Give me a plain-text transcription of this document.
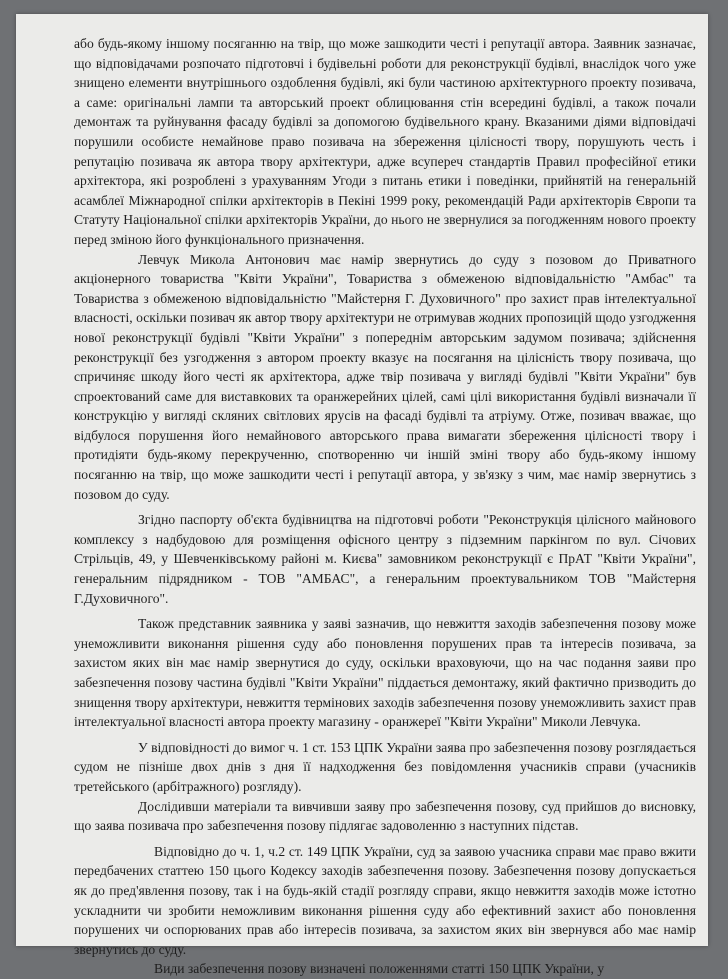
або будь-якому іншому посяганню на твір, що може зашкодити честі і репутації автора. Заявник зазначає, що відповідачами розпочато підготовчі і будівельні роботи для реконструкції будівлі, внаслідок чого уже знищено елементи внутрішнього оздоблення будівлі, які були частиною архітектурного проекту позивача, а саме: оригінальні лампи та авторський проект облицювання стін всередині будівлі, а також почали демонтаж та руйнування фасаду будівлі за допомогою будівельного крану. Вказаними діями відповідачі порушили особисте немайнове право позивача на збереження цілісності твору, порушують честь і репутацію позивача як автора твору архітектури, адже всупереч стандартів Правил професійної етики архітектора, які розроблені з урахуванням Угоди з питань етики і поведінки, прийнятій на генеральній асамблеї Міжнародної спілки архітекторів в Пекіні 1999 року, рекомендацій Ради архітекторів Європи та Статуту Національної спілки архітекторів України, до нього не звернулися за погодженням нового проекту перед зміною його функціонального призначення.

Левчук Микола Антонович має намір звернутись до суду з позовом до Приватного акціонерного товариства "Квіти України", Товариства з обмеженою відповідальністю "Амбас" та Товариства з обмеженою відповідальністю "Майстерня Г. Духовичного" про захист прав інтелектуальної власності, оскільки позивач як автор твору архітектури не отримував жодних пропозицій щодо узгодження нової реконструкції будівлі "Квіти України" з попереднім авторським задумом позивача; здійснення реконструкції без узгодження з автором проекту вказує на посягання на цілісність твору позивача, що спричиняє шкоду його честі як архітектора, адже твір позивача у вигляді будівлі "Квіти України" був спроектований саме для виставкових та оранжерейних цілей, самі цілі використання будівлі визначали її конструкцію у вигляді скляних світлових ярусів на фасаді будівлі та атріуму. Отже, позивач вважає, що відбулося порушення його немайнового авторського права вимагати збереження цілісності твору і протидіяти будь-якому перекрученню, спотворенню чи іншій зміні твору або будь-якому іншому посяганню на твір, що може зашкодити честі і репутації автора, у зв'язку з чим, має намір звернутись з позовом до суду.

Згідно паспорту об'єкта будівництва на підготовчі роботи "Реконструкція цілісного майнового комплексу з надбудовою для розміщення офісного центру з підземним паркінгом по вул. Січових Стрільців, 49, у Шевченківському районі м. Києва" замовником реконструкції є ПрАТ "Квіти України", генеральним підрядником - ТОВ "АМБАС", а генеральним проектувальником ТОВ "Майстерня Г.Духовичного".

Також представник заявника у заяві зазначив, що невжиття заходів забезпечення позову може унеможливити виконання рішення суду або поновлення порушених прав та інтересів позивача, за захистом яких він має намір звернутися до суду, оскільки враховуючи, що на час подання заяви про забезпечення позову частина будівлі "Квіти України" піддається демонтажу, який фактично призводить до знищення твору архітектури, невжиття термінових заходів забезпечення позову унеможливить захист прав інтелектуальної власності автора проекту магазину - оранжереї "Квіти України" Миколи Левчука.

У відповідності до вимог ч. 1 ст. 153 ЦПК України заява про забезпечення позову розглядається судом не пізніше двох днів з дня її надходження без повідомлення учасників справи (учасників третейського (арбітражного) розгляду).

Дослідивши матеріали та вивчивши заяву про забезпечення позову, суд прийшов до висновку, що заява позивача про забезпечення позову підлягає задоволенню з наступних підстав.

Відповідно до ч. 1, ч.2 ст. 149 ЦПК України, суд за заявою учасника справи має право вжити передбачених статтею 150 цього Кодексу заходів забезпечення позову. Забезпечення позову допускається як до пред'явлення позову, так і на будь-якій стадії розгляду справи, якщо невжиття заходів може істотно ускладнити чи зробити неможливим виконання рішення суду або ефективний захист або поновлення порушених чи оспорюваних прав або інтересів позивача, за захистом яких він звернувся або має намір звернутись до суду.

Види забезпечення позову визначені положеннями статті 150 ЦПК України, у
